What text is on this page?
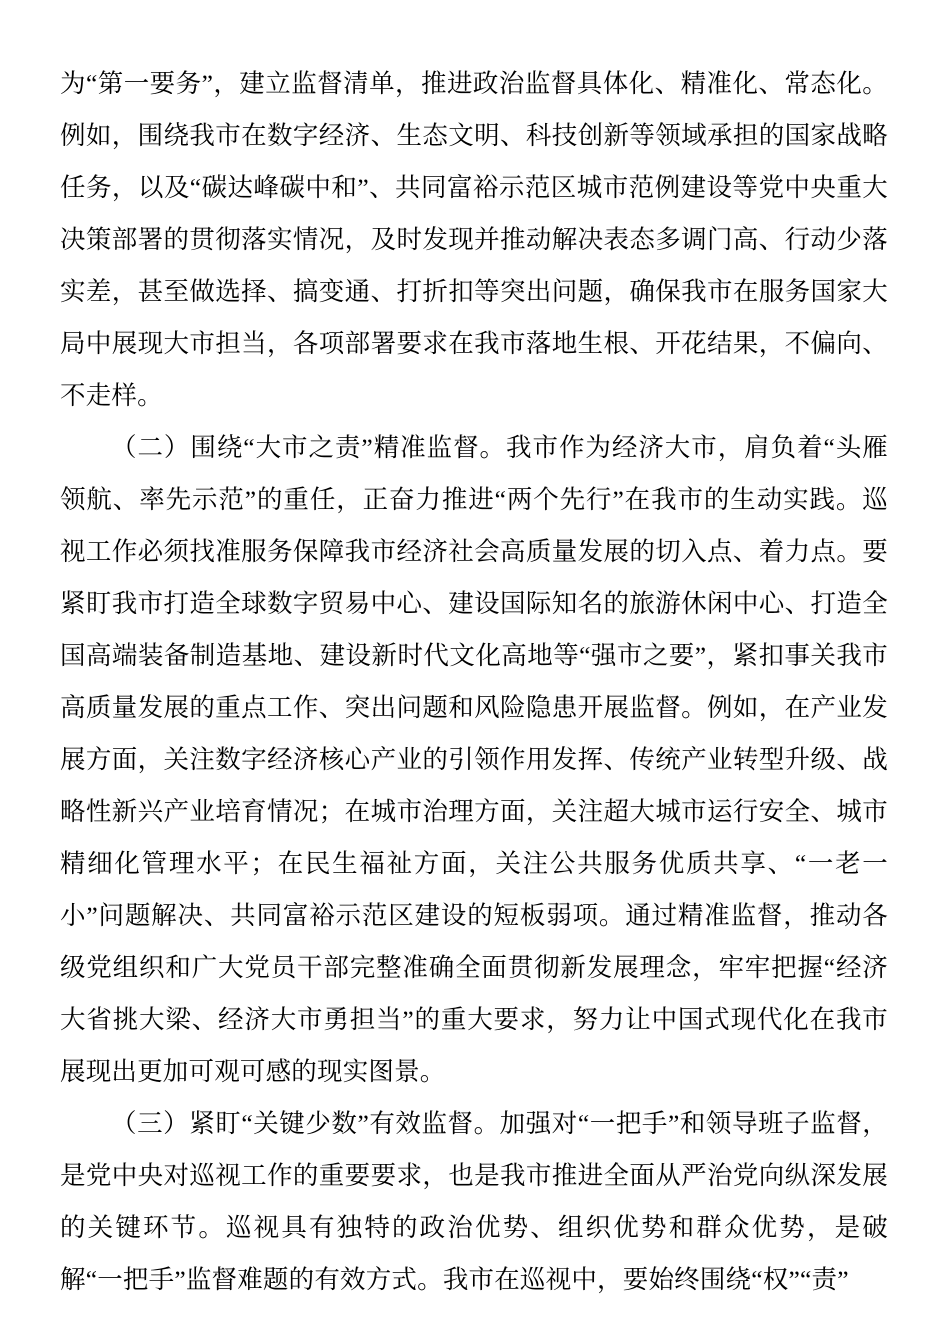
为“第一要务”，建立监督清单，推进政治监督具体化、精准化、常态化。例如，围绕我市在数字经济、生态文明、科技创新等领域承担的国家战略任务，以及“碳达峰碳中和”、共同富裕示范区城市范例建设等党中央重大决策部署的贯彻落实情况，及时发现并推动解决表态多调门高、行动少落实差，甚至做选择、搞变通、打折扣等突出问题，确保我市在服务国家大局中展现大市担当，各项部署要求在我市落地生根、开花结果，不偏向、不走样。

（二）围绕“大市之责”精准监督。我市作为经济大市，肩负着“头雁领航、率先示范”的重任，正奋力推进“两个先行”在我市的生动实践。巡视工作必须找准服务保障我市经济社会高质量发展的切入点、着力点。要紧盯我市打造全球数字贸易中心、建设国际知名的旅游休闲中心、打造全国高端装备制造基地、建设新时代文化高地等“强市之要”，紧扣事关我市高质量发展的重点工作、突出问题和风险隐患开展监督。例如，在产业发展方面，关注数字经济核心产业的引领作用发挥、传统产业转型升级、战略性新兴产业培育情况；在城市治理方面，关注超大城市运行安全、城市精细化管理水平；在民生福祉方面，关注公共服务优质共享、“一老一小”问题解决、共同富裕示范区建设的短板弱项。通过精准监督，推动各级党组织和广大党员干部完整准确全面贯彻新发展理念，牢牢把握“经济大省挑大梁、经济大市勇担当”的重大要求，努力让中国式现代化在我市展现出更加可观可感的现实图景。

（三）紧盯“关键少数”有效监督。加强对“一把手”和领导班子监督，是党中央对巡视工作的重要要求，也是我市推进全面从严治党向纵深发展的关键环节。巡视具有独特的政治优势、组织优势和群众优势，是破解“一把手”监督难题的有效方式。我市在巡视中，要始终围绕“权”“责”
